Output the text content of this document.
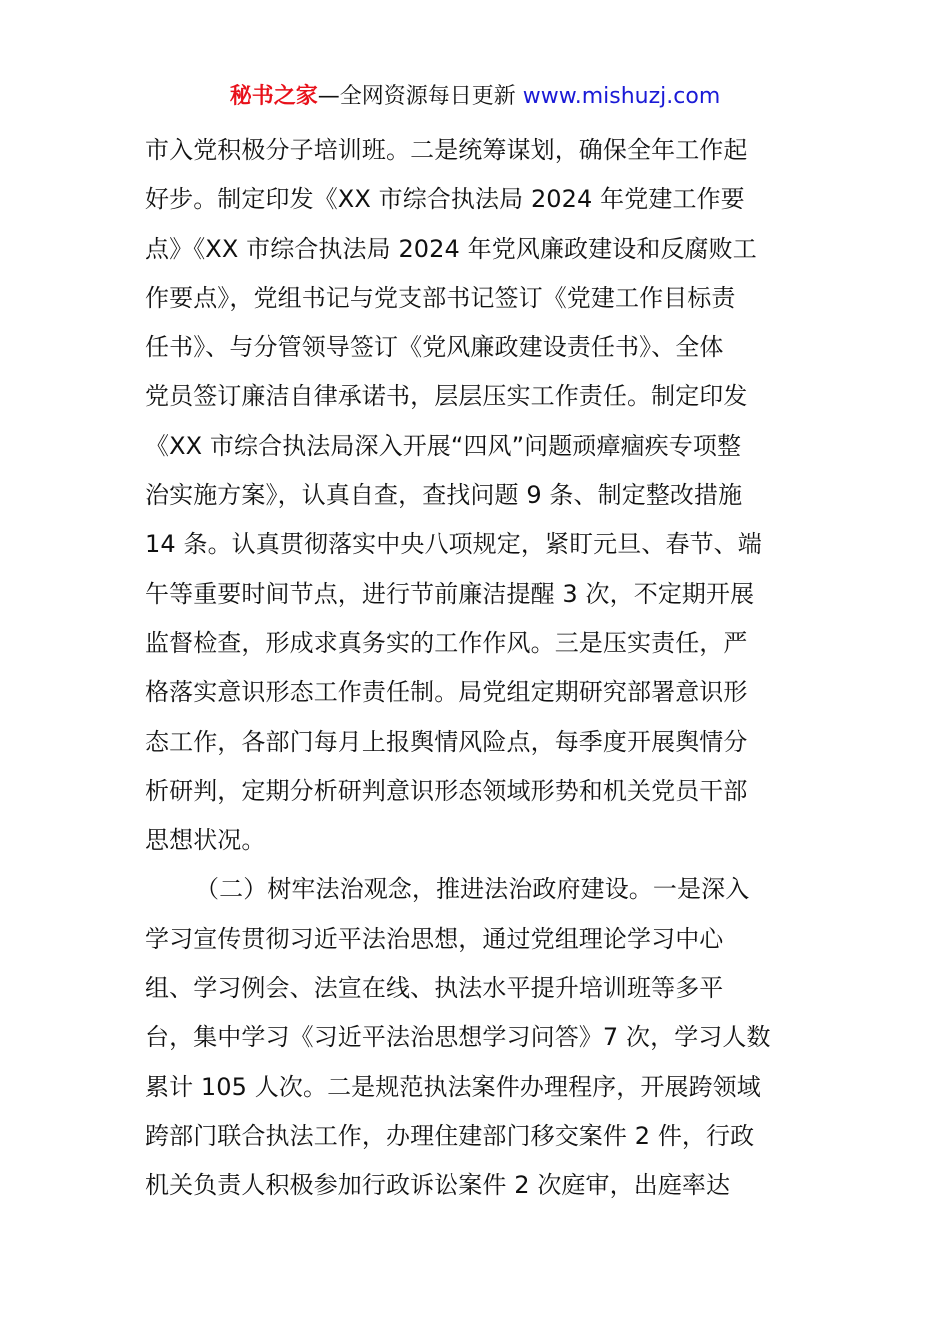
秘书之家—全网资源每日更新 www.mishuzj.com
市入党积极分子培训班。二是统筹谋划，确保全年工作起
好步。制定印发《XX 市综合执法局 2024 年党建工作要
点》《XX 市综合执法局 2024 年党风廉政建设和反腐败工
作要点》，党组书记与党支部书记签订《党建工作目标责
任书》、与分管领导签订《党风廉政建设责任书》、全体
党员签订廉洁自律承诺书，层层压实工作责任。制定印发
《XX 市综合执法局深入开展“四风”问题顽瘴痼疾专项整
治实施方案》，认真自查，查找问题 9 条、制定整改措施
14 条。认真贯彻落实中央八项规定，紧盯元旦、春节、端
午等重要时间节点，进行节前廉洁提醒 3 次，不定期开展
监督检查，形成求真务实的工作作风。三是压实责任，严
格落实意识形态工作责任制。局党组定期研究部署意识形
态工作，各部门每月上报舆情风险点，每季度开展舆情分
析研判，定期分析研判意识形态领域形势和机关党员干部
思想状况。
（二）树牢法治观念，推进法治政府建设。一是深入
学习宣传贯彻习近平法治思想，通过党组理论学习中心
组、学习例会、法宣在线、执法水平提升培训班等多平
台，集中学习《习近平法治思想学习问答》7 次，学习人数
累计 105 人次。二是规范执法案件办理程序，开展跨领域
跨部门联合执法工作，办理住建部门移交案件 2 件，行政
机关负责人积极参加行政诉讼案件 2 次庭审，出庭率达
